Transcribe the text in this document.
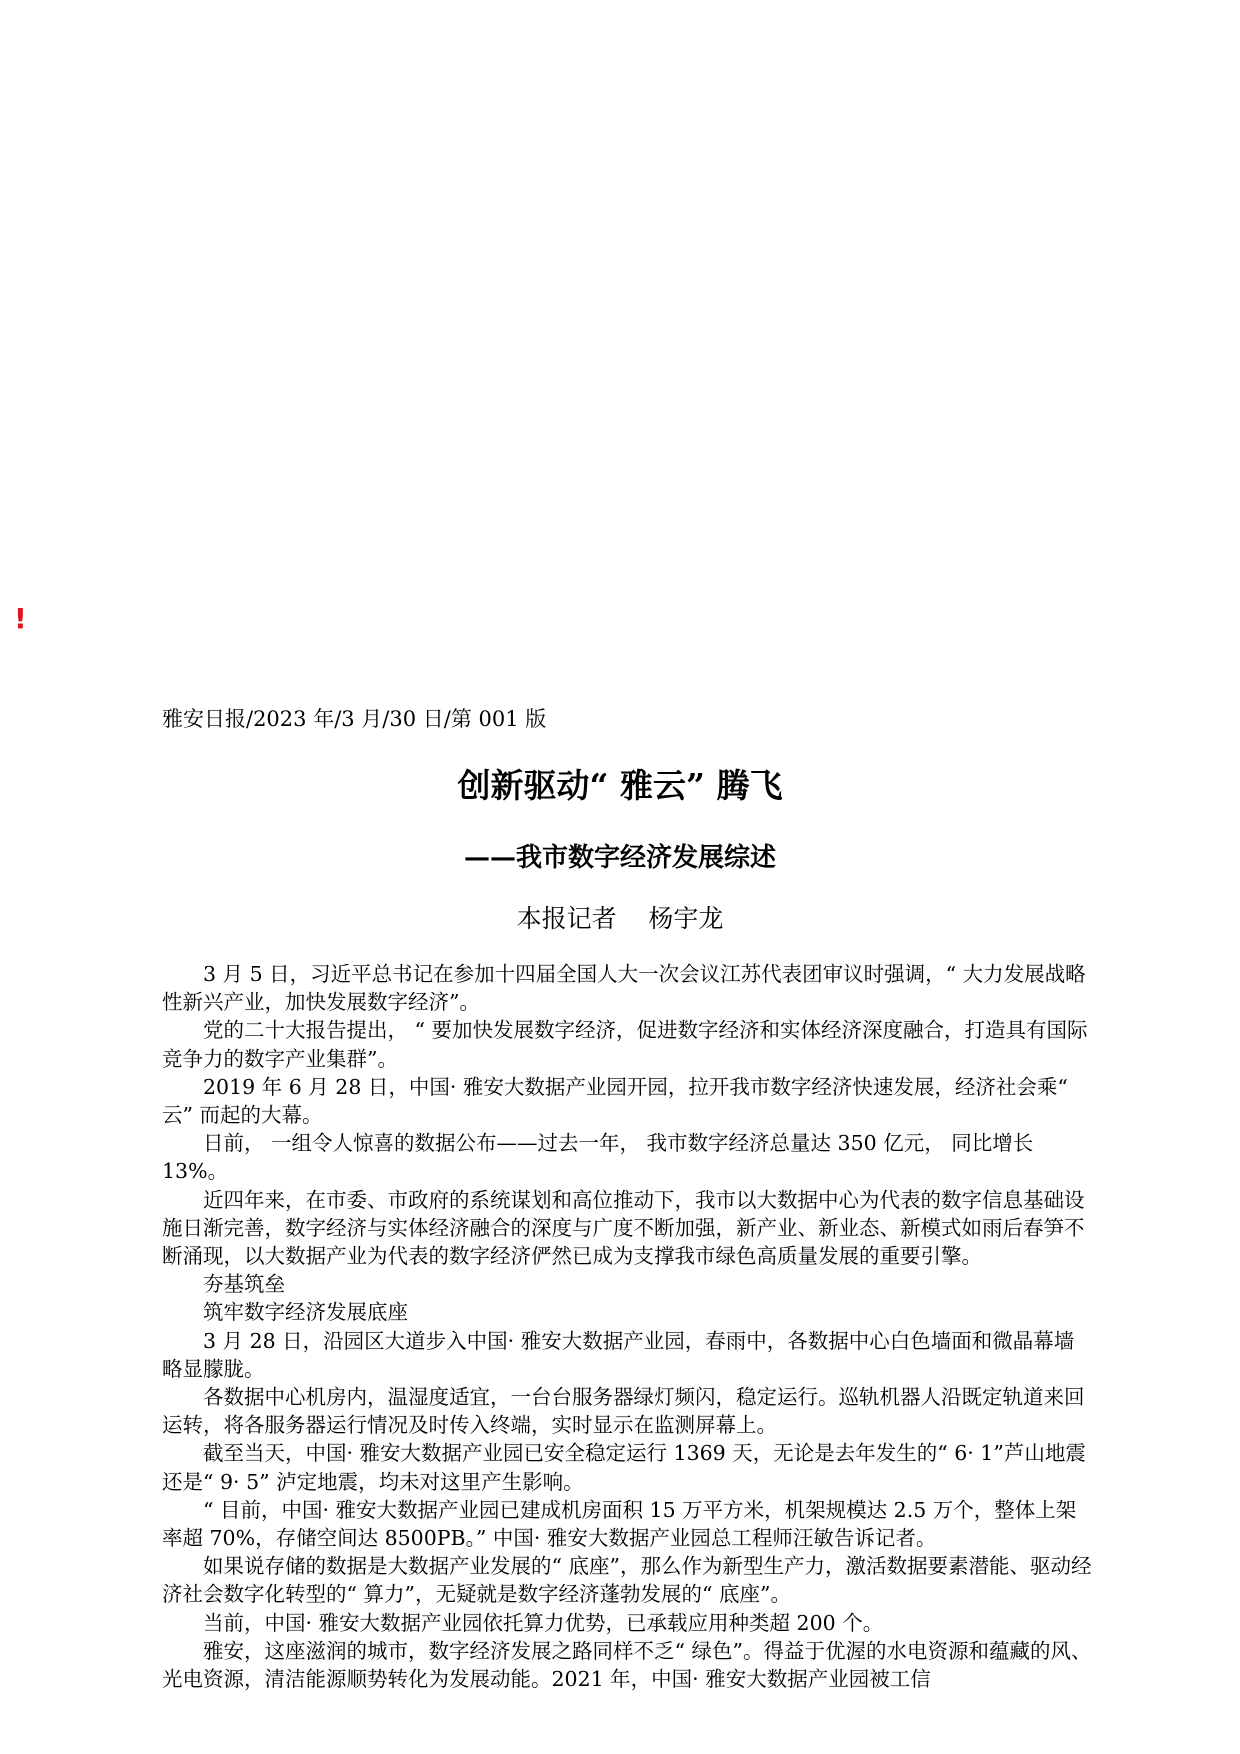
!
雅安日报/2023 年/3 月/30 日/第 001 版
创新驱动“ 雅云” 腾飞
——我市数字经济发展综述
本报记者    杨宇龙

3 月 5 日，习近平总书记在参加十四届全国人大一次会议江苏代表团审议时强调，“ 大力发展战略性新兴产业，加快发展数字经济”。

党的二十大报告提出， “ 要加快发展数字经济，促进数字经济和实体经济深度融合，打造具有国际竞争力的数字产业集群”。

2019 年 6 月 28 日，中国· 雅安大数据产业园开园，拉开我市数字经济快速发展，经济社会乘“ 云” 而起的大幕。

日前， 一组令人惊喜的数据公布——过去一年， 我市数字经济总量达 350 亿元， 同比增长 13%。

近四年来，在市委、市政府的系统谋划和高位推动下，我市以大数据中心为代表的数字信息基础设施日渐完善，数字经济与实体经济融合的深度与广度不断加强，新产业、新业态、新模式如雨后春笋不断涌现，以大数据产业为代表的数字经济俨然已成为支撑我市绿色高质量发展的重要引擎。

夯基筑垒

筑牢数字经济发展底座

3 月 28 日，沿园区大道步入中国· 雅安大数据产业园，春雨中，各数据中心白色墙面和微晶幕墙略显朦胧。

各数据中心机房内，温湿度适宜，一台台服务器绿灯频闪，稳定运行。巡轨机器人沿既定轨道来回运转，将各服务器运行情况及时传入终端，实时显示在监测屏幕上。

截至当天，中国· 雅安大数据产业园已安全稳定运行 1369 天，无论是去年发生的“ 6· 1”芦山地震还是“ 9· 5” 泸定地震，均未对这里产生影响。

“ 目前，中国· 雅安大数据产业园已建成机房面积 15 万平方米，机架规模达 2.5 万个，整体上架率超 70%，存储空间达 8500PB。” 中国· 雅安大数据产业园总工程师汪敏告诉记者。

如果说存储的数据是大数据产业发展的“ 底座”，那么作为新型生产力，激活数据要素潜能、驱动经济社会数字化转型的“ 算力”，无疑就是数字经济蓬勃发展的“ 底座”。

当前，中国· 雅安大数据产业园依托算力优势，已承载应用种类超 200 个。

雅安，这座滋润的城市，数字经济发展之路同样不乏“ 绿色”。得益于优渥的水电资源和蕴藏的风、光电资源，清洁能源顺势转化为发展动能。2021 年，中国· 雅安大数据产业园被工信
